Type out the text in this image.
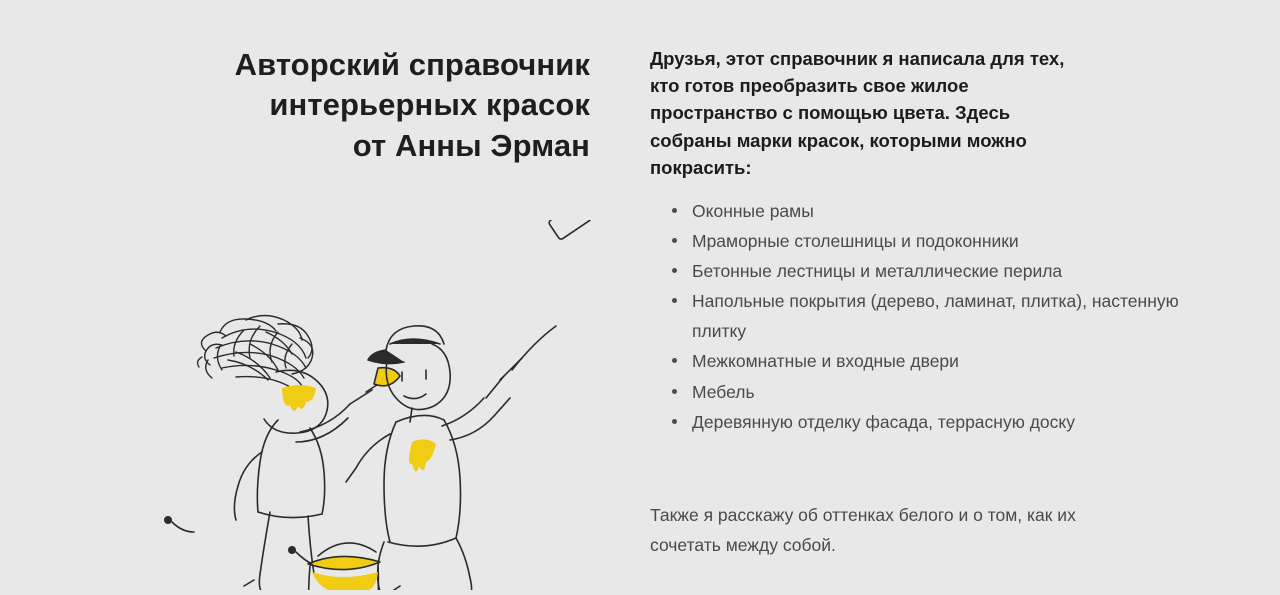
Авторский справочник
интерьерных красок
от Анны Эрман

Друзья, этот справочник я написала для тех, кто готов преобразить свое жилое пространство с помощью цвета. Здесь собраны марки красок, которыми можно покрасить:

Оконные рамы
Мраморные столешницы и подоконники
Бетонные лестницы и металлические перила
Напольные покрытия (дерево, ламинат, плитка), настенную плитку
Межкомнатные и входные двери
Мебель
Деревянную отделку фасада, террасную доску

Также я расскажу об оттенках белого и о том, как их сочетать между собой.
